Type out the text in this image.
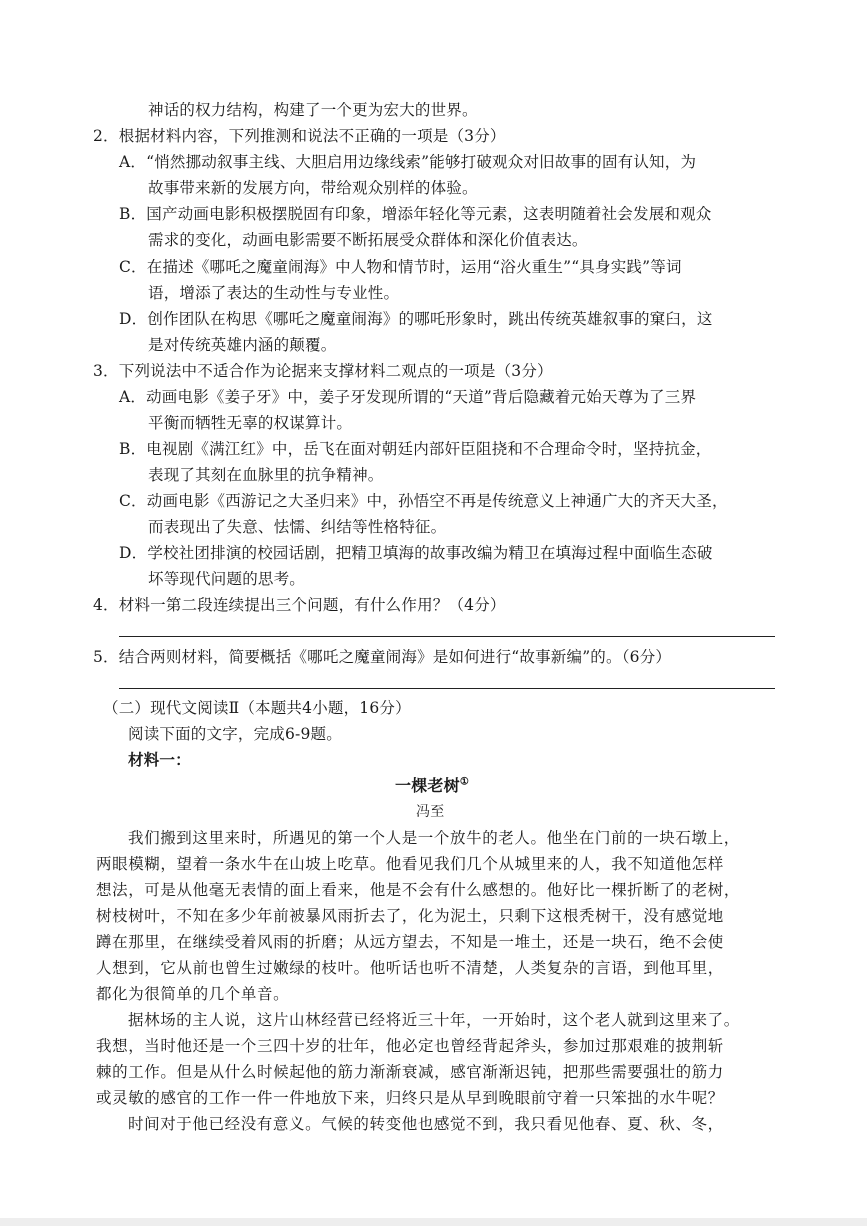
神话的权力结构，构建了一个更为宏大的世界。
2．根据材料内容，下列推测和说法不正确的一项是（3分）
A．“悄然挪动叙事主线、大胆启用边缘线索”能够打破观众对旧故事的固有认知，为
故事带来新的发展方向，带给观众别样的体验。
B．国产动画电影积极摆脱固有印象，增添年轻化等元素，这表明随着社会发展和观众
需求的变化，动画电影需要不断拓展受众群体和深化价值表达。
C．在描述《哪吒之魔童闹海》中人物和情节时，运用“浴火重生”“具身实践”等词
语，增添了表达的生动性与专业性。
D．创作团队在构思《哪吒之魔童闹海》的哪吒形象时，跳出传统英雄叙事的窠臼，这
是对传统英雄内涵的颠覆。
3．下列说法中不适合作为论据来支撑材料二观点的一项是（3分）
A．动画电影《姜子牙》中，姜子牙发现所谓的“天道”背后隐藏着元始天尊为了三界
平衡而牺牲无辜的权谋算计。
B．电视剧《满江红》中，岳飞在面对朝廷内部奸臣阻挠和不合理命令时，坚持抗金，
表现了其刻在血脉里的抗争精神。
C．动画电影《西游记之大圣归来》中，孙悟空不再是传统意义上神通广大的齐天大圣，
而表现出了失意、怯懦、纠结等性格特征。
D．学校社团排演的校园话剧，把精卫填海的故事改编为精卫在填海过程中面临生态破
坏等现代问题的思考。
4．材料一第二段连续提出三个问题，有什么作用？（4分）
5．结合两则材料，简要概括《哪吒之魔童闹海》是如何进行“故事新编”的。（6分）
（二）现代文阅读Ⅱ（本题共4小题，16分）
阅读下面的文字，完成6-9题。
材料一：
一棵老树①
冯至
我们搬到这里来时，所遇见的第一个人是一个放牛的老人。他坐在门前的一块石墩上，
两眼模糊，望着一条水牛在山坡上吃草。他看见我们几个从城里来的人，我不知道他怎样
想法，可是从他毫无表情的面上看来，他是不会有什么感想的。他好比一棵折断了的老树，
树枝树叶，不知在多少年前被暴风雨折去了，化为泥土，只剩下这根秃树干，没有感觉地
蹲在那里，在继续受着风雨的折磨；从远方望去，不知是一堆土，还是一块石，绝不会使
人想到，它从前也曾生过嫩绿的枝叶。他听话也听不清楚，人类复杂的言语，到他耳里，
都化为很简单的几个单音。
据林场的主人说，这片山林经营已经将近三十年，一开始时，这个老人就到这里来了。
我想，当时他还是一个三四十岁的壮年，他必定也曾经背起斧头，参加过那艰难的披荆斩
棘的工作。但是从什么时候起他的筋力渐渐衰减，感官渐渐迟钝，把那些需要强壮的筋力
或灵敏的感官的工作一件一件地放下来，归终只是从早到晚眼前守着一只笨拙的水牛呢？
时间对于他已经没有意义。气候的转变他也感觉不到，我只看见他春、夏、秋、冬，
